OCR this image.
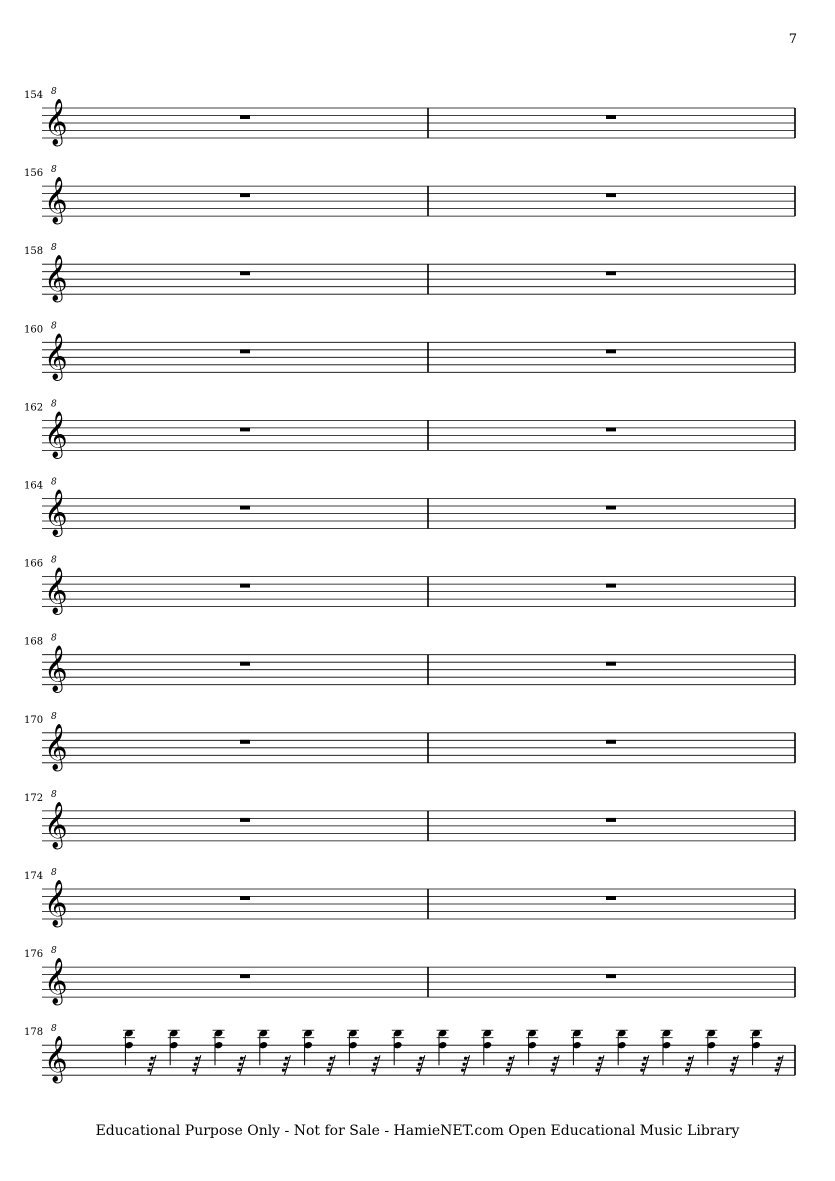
7
154
𝄞
8
156
𝄞
8
158
𝄞
8
160
𝄞
8
162
𝄞
8
164
𝄞
8
166
𝄞
8
168
𝄞
8
170
𝄞
8
172
𝄞
8
174
𝄞
8
176
𝄞
8
178
𝄞
8
Educational Purpose Only - Not for Sale - HamieNET.com Open Educational Music Library
